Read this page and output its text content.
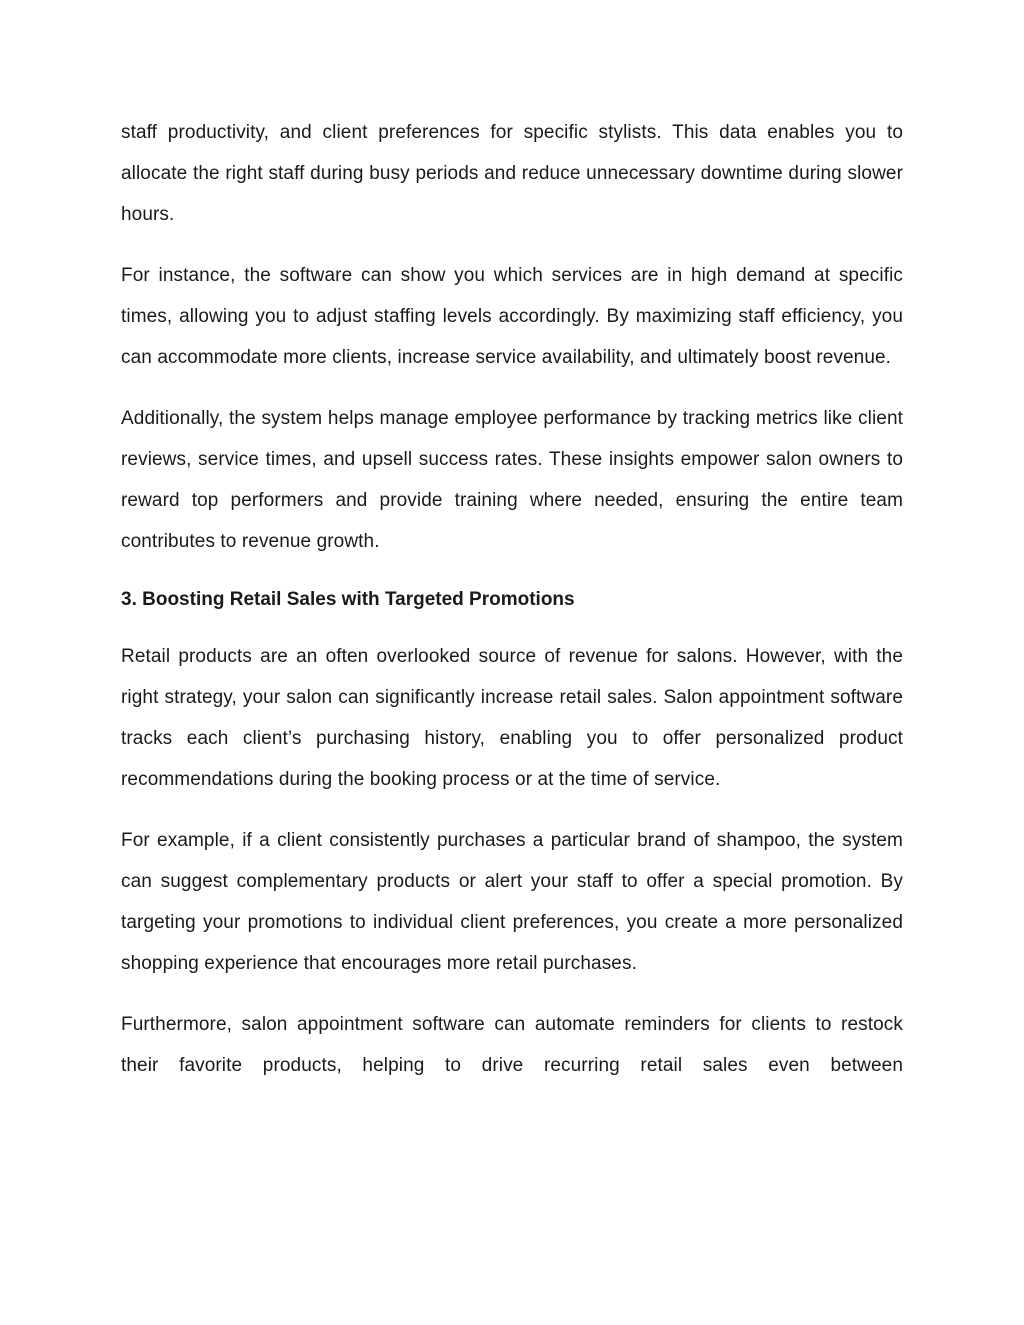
staff productivity, and client preferences for specific stylists. This data enables you to allocate the right staff during busy periods and reduce unnecessary downtime during slower hours.

For instance, the software can show you which services are in high demand at specific times, allowing you to adjust staffing levels accordingly. By maximizing staff efficiency, you can accommodate more clients, increase service availability, and ultimately boost revenue.

Additionally, the system helps manage employee performance by tracking metrics like client reviews, service times, and upsell success rates. These insights empower salon owners to reward top performers and provide training where needed, ensuring the entire team contributes to revenue growth.

3. Boosting Retail Sales with Targeted Promotions

Retail products are an often overlooked source of revenue for salons. However, with the right strategy, your salon can significantly increase retail sales. Salon appointment software tracks each client’s purchasing history, enabling you to offer personalized product recommendations during the booking process or at the time of service.

For example, if a client consistently purchases a particular brand of shampoo, the system can suggest complementary products or alert your staff to offer a special promotion. By targeting your promotions to individual client preferences, you create a more personalized shopping experience that encourages more retail purchases.

Furthermore, salon appointment software can automate reminders for clients to restock their favorite products, helping to drive recurring retail sales even between
